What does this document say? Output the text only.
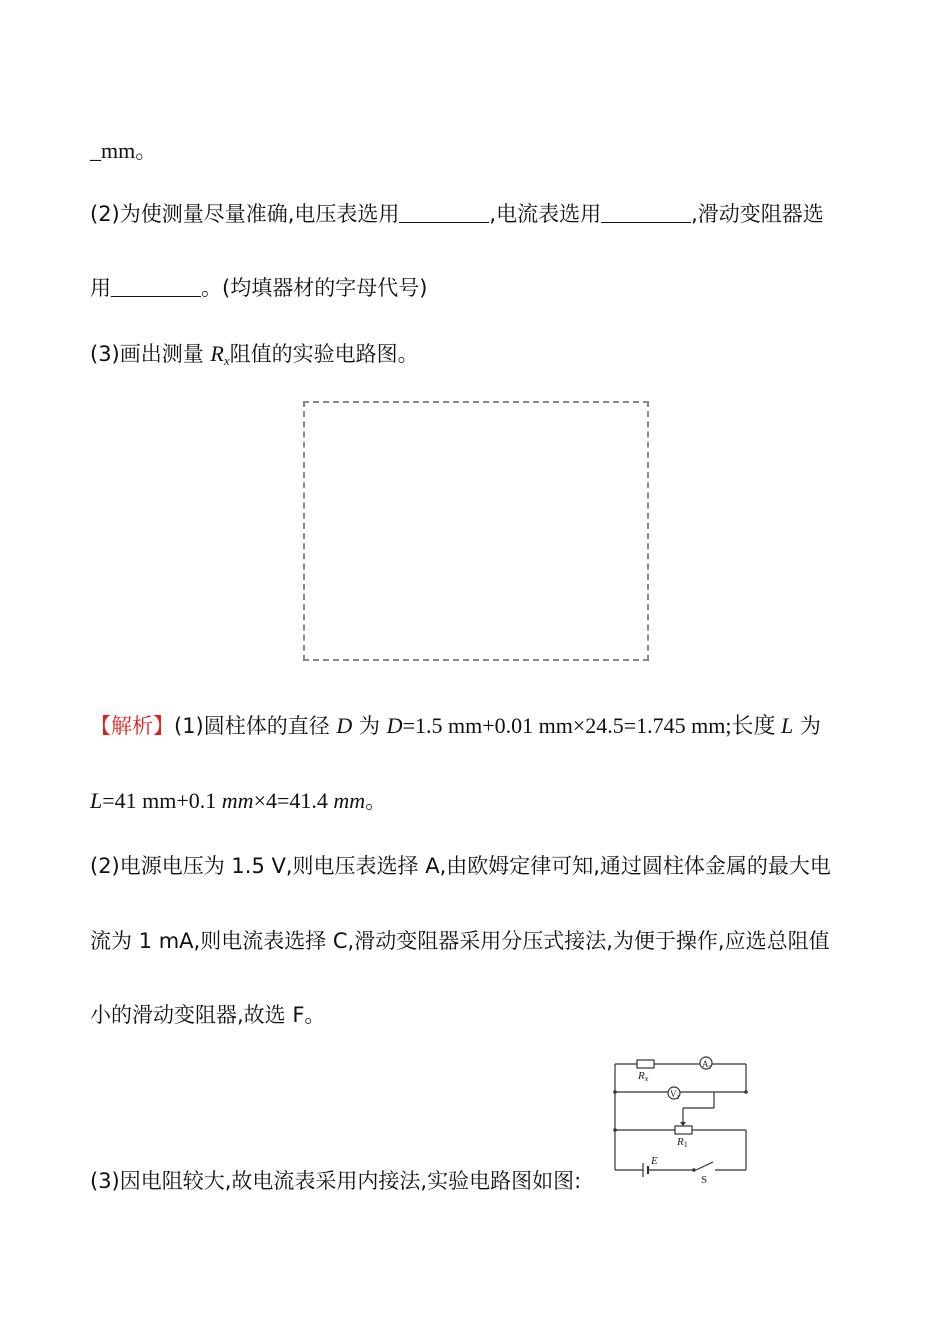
_mm。
(2)为使测量尽量准确,电压表选用	,电流表选用	,滑动变阻器选
用	。(均填器材的字母代号)
(3)画出测量 $R_x$阻值的实验电路图。
【解析】(1)圆柱体的直径 D 为 D=1.5 mm+0.01 mm×24.5=1.745 mm;长度 L 为
L=41 mm+0.1 mm×4=41.4 mm。
(2)电源电压为 1.5 V,则电压表选择 A,由欧姆定律可知,通过圆柱体金属的最大电
流为 1 mA,则电流表选择 C,滑动变阻器采用分压式接法,为便于操作,应选总阻值
小的滑动变阻器,故选 F。
(3)因电阻较大,故电流表采用内接法,实验电路图如图:
Rx
$A_1$
$V_1$
R1
E
S
